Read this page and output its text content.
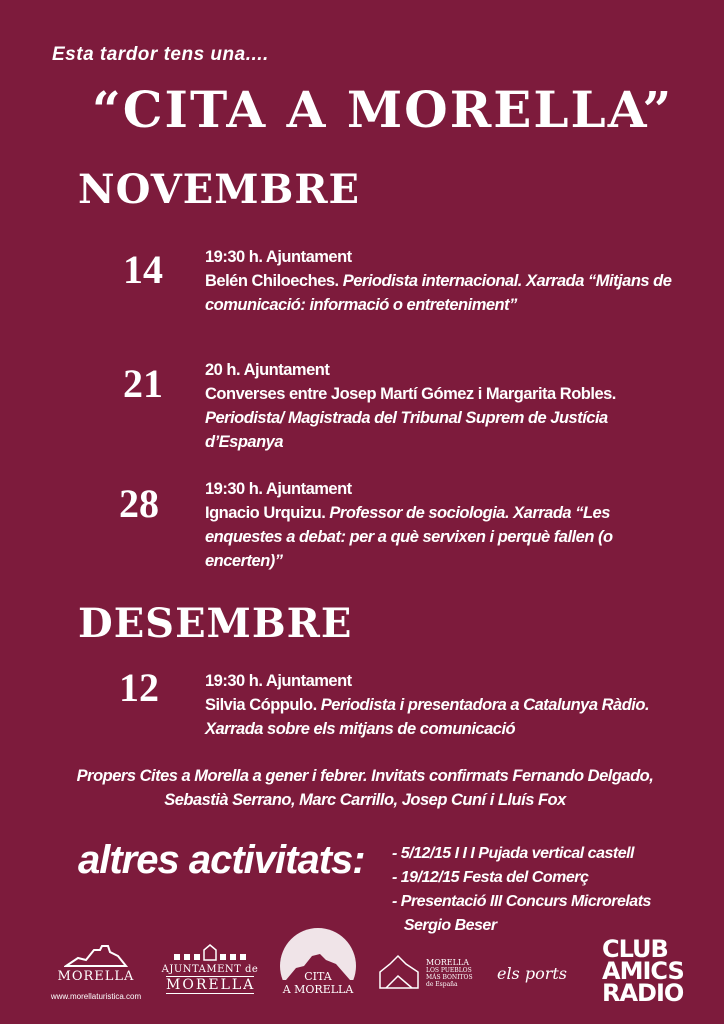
Esta tardor tens una....
“CITA A MORELLA”
NOVEMBRE
14	19:30 h. Ajuntament
Belén Chiloeches. Periodista internacional. Xarrada “Mitjans de comunicació: informació o entreteniment”
21	20 h. Ajuntament
Converses entre Josep Martí Gómez i Margarita Robles. Periodista/ Magistrada del Tribunal Suprem de Justícia d’Espanya
28	19:30 h. Ajuntament
Ignacio Urquizu. Professor de sociologia. Xarrada “Les enquestes a debat: per a què servixen i perquè fallen (o encerten)”
DESEMBRE
12	19:30 h. Ajuntament
Silvia Cóppulo. Periodista i presentadora a Catalunya Ràdio. Xarrada sobre els mitjans de comunicació
Propers Cites a Morella a gener i febrer. Invitats confirmats Fernando Delgado, Sebastià Serrano, Marc Carrillo, Josep Cuní i Lluís Fox
altres activitats: - 5/12/15 I I I Pujada vertical castell
- 19/12/15 Festa del Comerç
- Presentació III Concurs Microrelats
Sergio Beser
MORELLA
www.morellaturistica.com
AJUNTAMENT de
MORELLA
CITA
A MORELLA
MORELLA
LOS PUEBLOS MÁS BONITOS de España
els ports
CLUB
AMICS
RADIO
